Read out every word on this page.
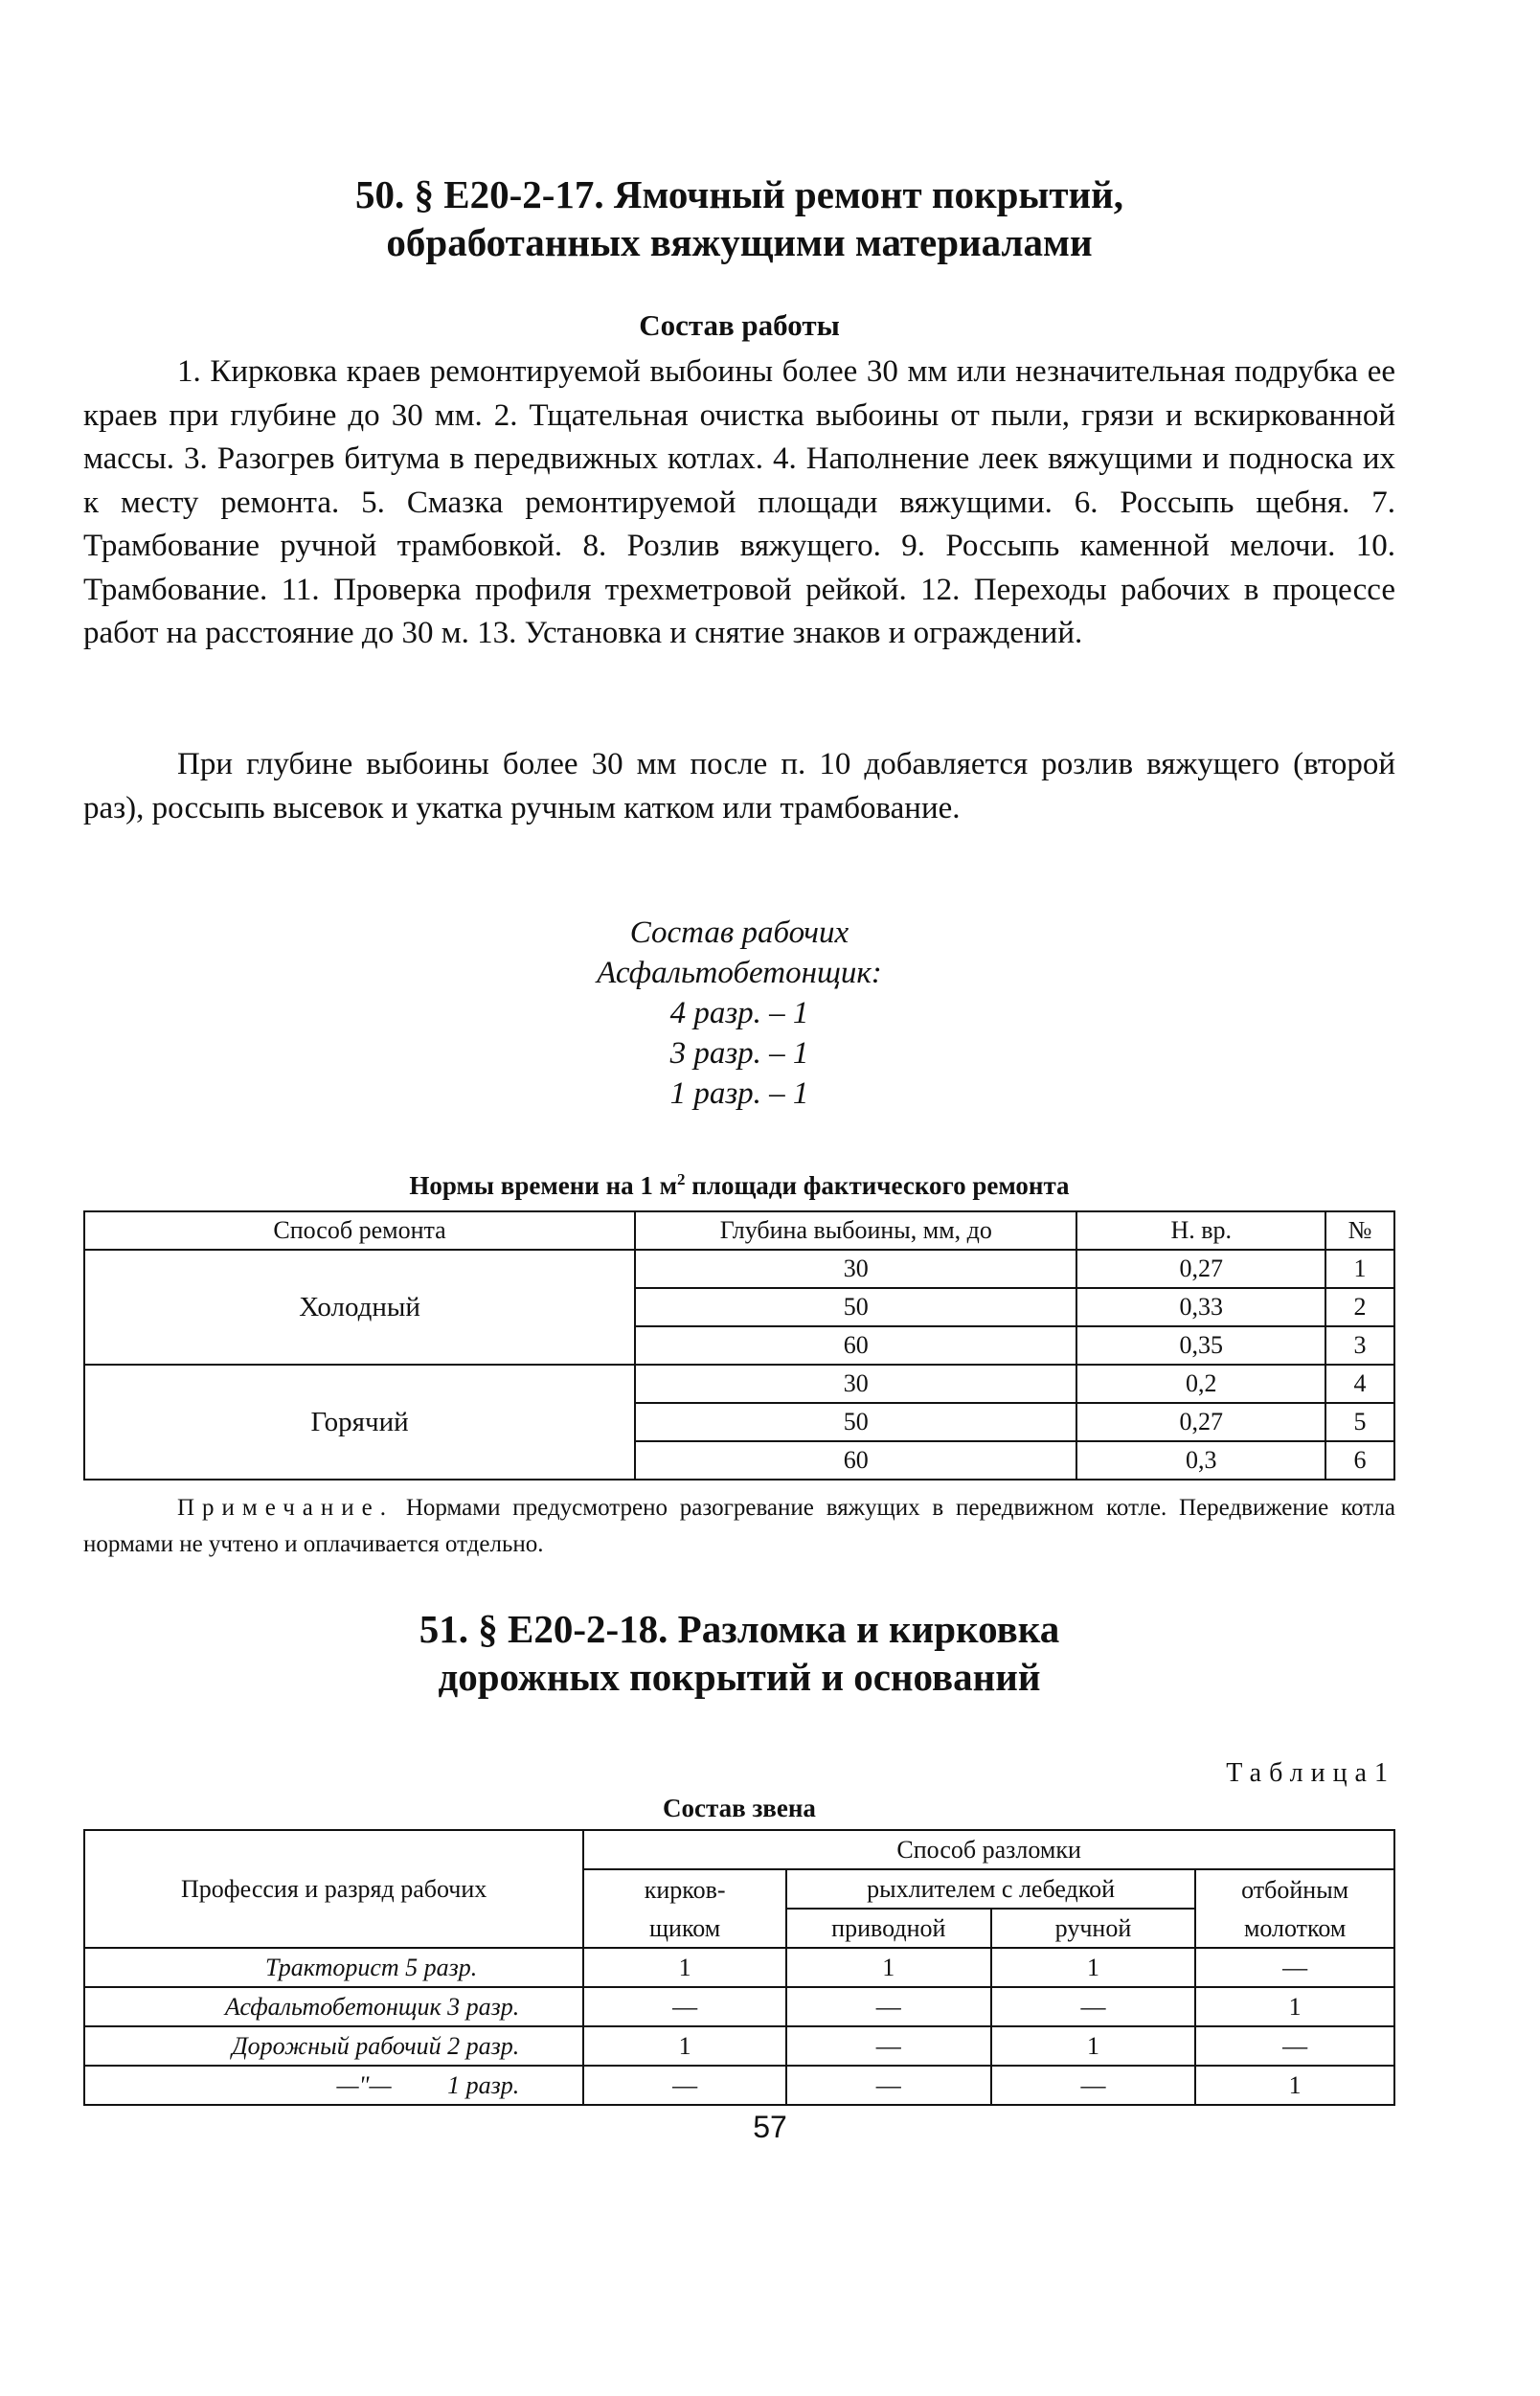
50. § Е20-2-17. Ямочный ремонт покрытий,

обработанных вяжущими материалами

Состав работы

1. Кирковка краев ремонтируемой выбоины более 30 мм или незначительная подрубка ее краев при глубине до 30 мм. 2. Тщательная очистка выбоины от пыли, грязи и вскиркованной массы. 3. Разогрев битума в передвижных котлах. 4. Наполнение леек вяжущими и подноска их к месту ремонта. 5. Смазка ремонтируемой площади вяжущими. 6. Россыпь щебня. 7. Трамбование ручной трамбовкой. 8. Розлив вяжущего. 9. Россыпь каменной мелочи. 10. Трамбование. 11. Проверка профиля трехметровой рейкой. 12. Переходы рабочих в процессе работ на расстояние до 30 м. 13. Установка и снятие знаков и ограждений.

При глубине выбоины более 30 мм после п. 10 добавляется розлив вяжущего (второй раз), россыпь высевок и укатка ручным катком или трамбование.

Состав рабочих
Асфальтобетонщик:
4 разр. – 1
3 разр. – 1
1 разр. – 1
Нормы времени на 1 $м^2$ площади фактического ремонта
Способ ремонта	Глубина выбоины, мм, до	Н. вр.	№
Холодный	30	0,27	1
	50	0,33	2
	60	0,35	3
Горячий	30	0,2	4
	50	0,27	5
	60	0,3	6

Примечание. Нормами предусмотрено разогревание вяжущих в передвижном котле. Передвижение котла нормами не учтено и оплачивается отдельно.

51. § Е20-2-18. Разломка и кирковка

дорожных покрытий и оснований

Таблица1
Состав звена
Профессия и разряд рабочих	Способ разломки			
	кирков-	рыхлителем с лебедкой		отбойным
	щиком	приводной	ручной	молотком
Тракторист 5 разр.	1	1	1	—
Асфальтобетонщик 3 разр.	—	—	—	1
Дорожный рабочий 2 разр.	1	—	1	—
—"—         1 разр.	—	—	—	1
57
